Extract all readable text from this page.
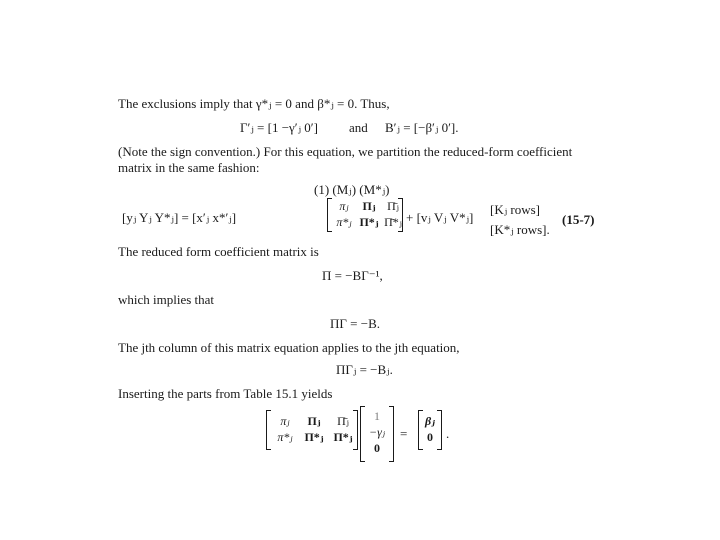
The exclusions imply that γ*ⱼ = 0 and β*ⱼ = 0. Thus,
Γ′ⱼ = [1 −γ′ⱼ 0′] and B′ⱼ = [−β′ⱼ 0′].
(Note the sign convention.) For this equation, we partition the reduced-form coefficient
matrix in the same fashion:
(1) (Mⱼ) (M*ⱼ)
[yⱼ Yⱼ Y*ⱼ] = [x′ⱼ x*′ⱼ]
πⱼ Πⱼ Π̄ⱼ
π*ⱼ Π*ⱼ Π̄*ⱼ + [vⱼ Vⱼ V*ⱼ]
[Kⱼ rows]
[K*ⱼ rows].
(15-7)
The reduced form coefficient matrix is
Π = −BΓ⁻¹,
which implies that
ΠΓ = −B.
The jth column of this matrix equation applies to the jth equation,
ΠΓⱼ = −Bⱼ.
Inserting the parts from Table 15.1 yields
πⱼ Πⱼ Π̄ⱼ
π*ⱼ Π*ⱼ Π*ⱼ
1
−γⱼ
0
=
βⱼ
0	.
